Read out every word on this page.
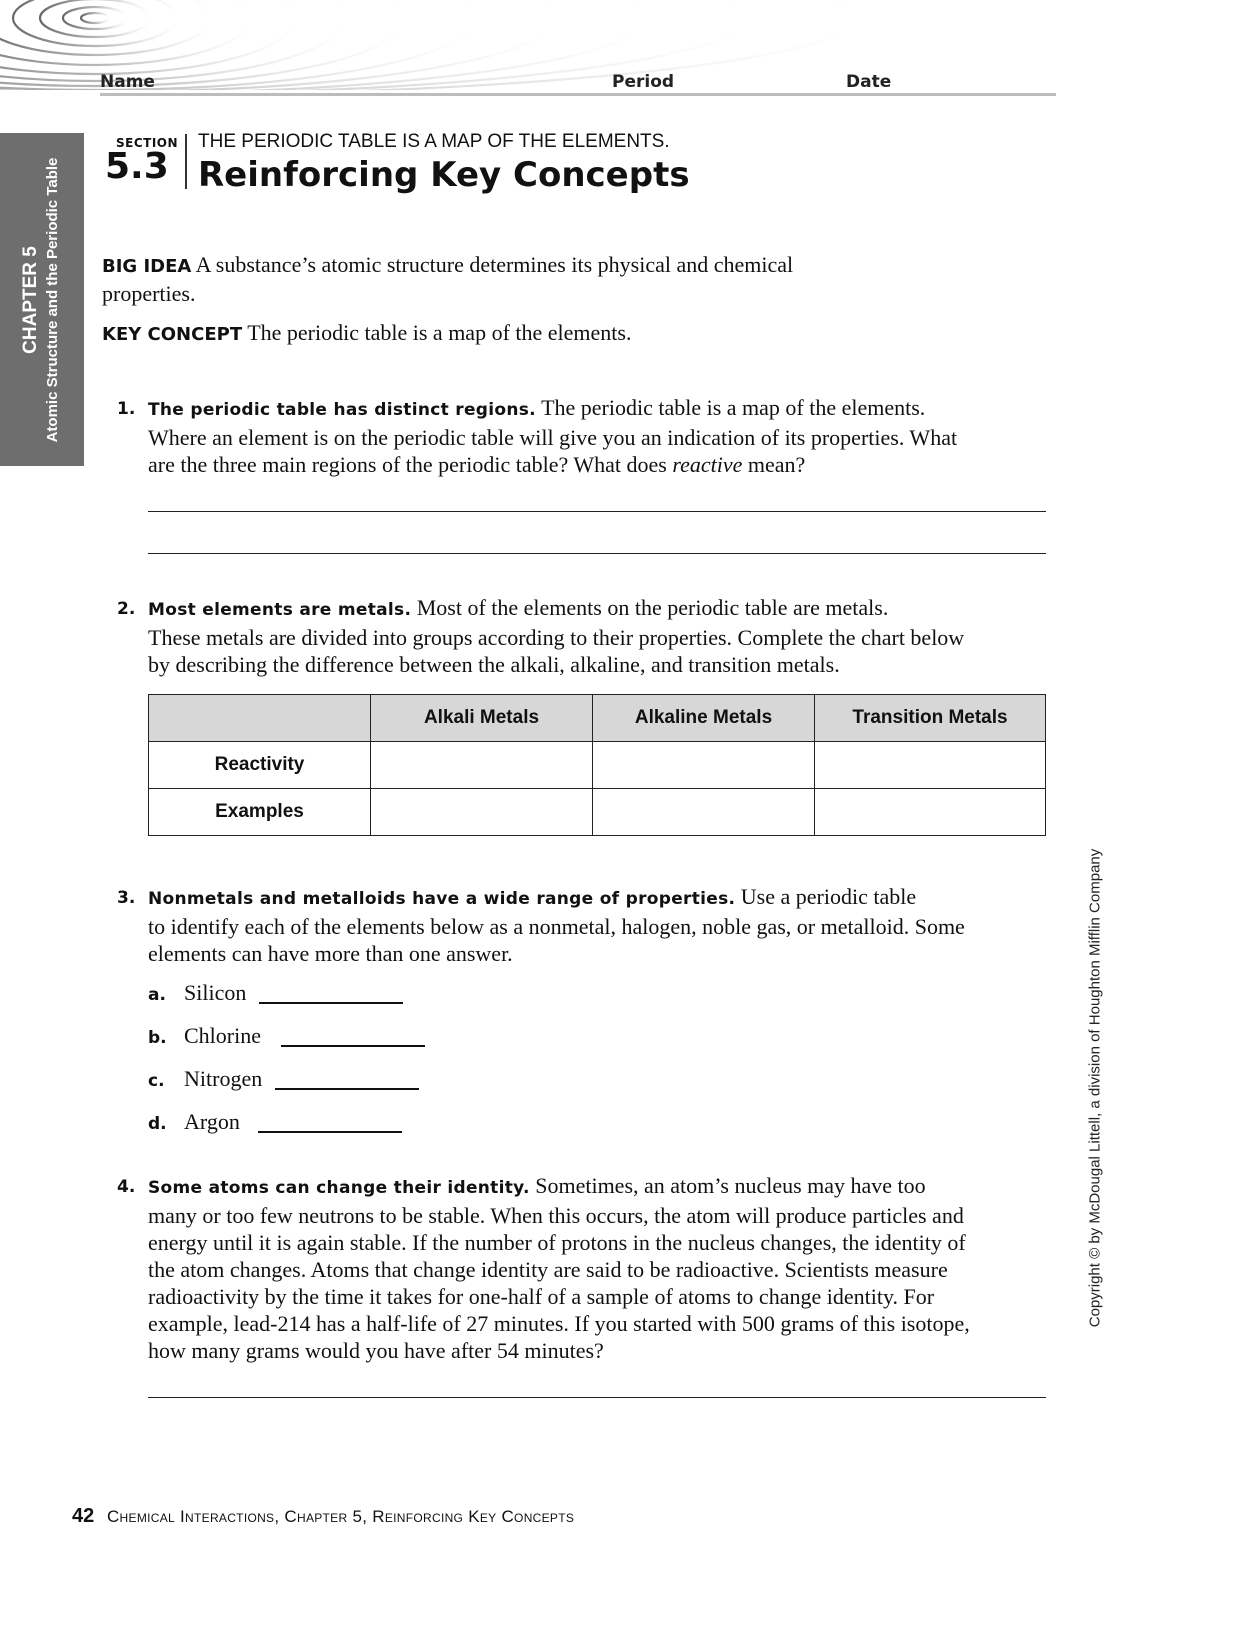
Name	Period	Date
CHAPTER 5 Atomic Structure and the Periodic Table
SECTION
5.3
THE PERIODIC TABLE IS A MAP OF THE ELEMENTS.
Reinforcing Key Concepts
BIG IDEA A substance’s atomic structure determines its physical and chemical
properties.
KEY CONCEPT The periodic table is a map of the elements.
1. The periodic table has distinct regions. The periodic table is a map of the elements.
Where an element is on the periodic table will give you an indication of its properties. What
are the three main regions of the periodic table? What does reactive mean?
2. Most elements are metals. Most of the elements on the periodic table are metals.
These metals are divided into groups according to their properties. Complete the chart below
by describing the difference between the alkali, alkaline, and transition metals.
	Alkali Metals	Alkaline Metals	Transition Metals
Reactivity			
Examples			
3. Nonmetals and metalloids have a wide range of properties. Use a periodic table
to identify each of the elements below as a nonmetal, halogen, noble gas, or metalloid. Some
elements can have more than one answer.
a. Silicon
b. Chlorine
c. Nitrogen
d. Argon
4. Some atoms can change their identity. Sometimes, an atom’s nucleus may have too
many or too few neutrons to be stable. When this occurs, the atom will produce particles and
energy until it is again stable. If the number of protons in the nucleus changes, the identity of
the atom changes. Atoms that change identity are said to be radioactive. Scientists measure
radioactivity by the time it takes for one-half of a sample of atoms to change identity. For
example, lead-214 has a half-life of 27 minutes. If you started with 500 grams of this isotope,
how many grams would you have after 54 minutes?
Copyright © by McDougal Littell, a division of Houghton Mifflin Company
42 Chemical Interactions, Chapter 5, Reinforcing Key Concepts
